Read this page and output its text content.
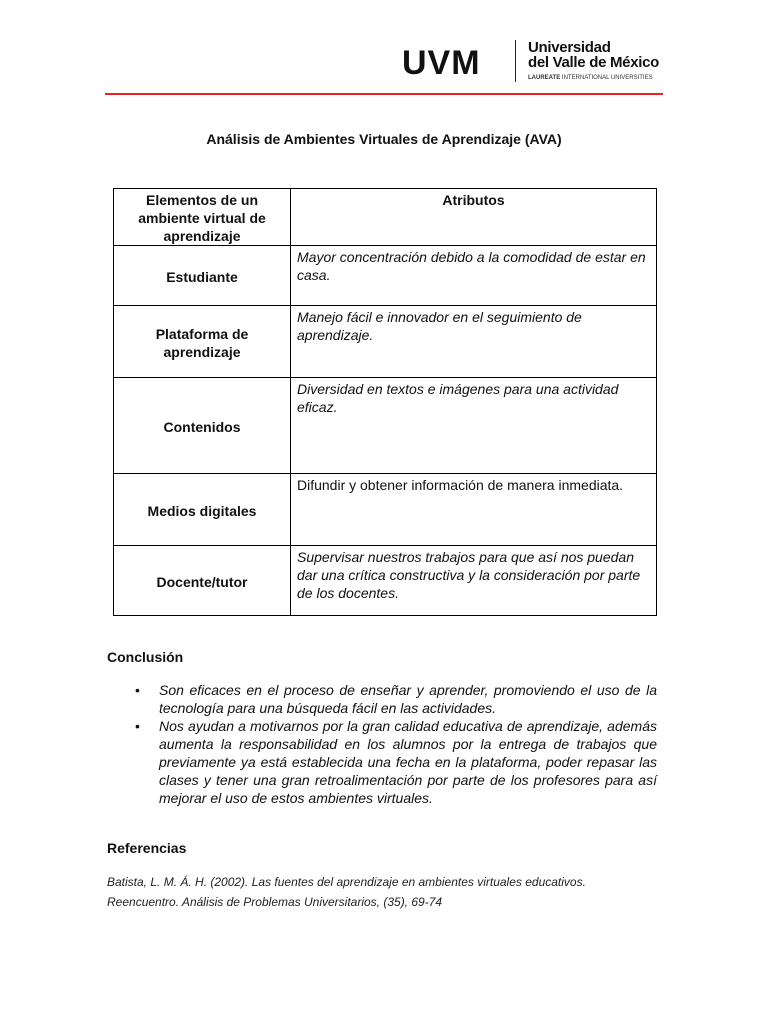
UVM	Universidad
del Valle de México
LAUREATE INTERNATIONAL UNIVERSITIES
Análisis de Ambientes Virtuales de Aprendizaje (AVA)
Elementos de un ambiente virtual de aprendizaje	Atributos
Estudiante	Mayor concentración debido a la comodidad de estar en casa.
Plataforma de aprendizaje	Manejo fácil e innovador en el seguimiento de aprendizaje.
Contenidos	Diversidad en textos e imágenes para una actividad eficaz.
Medios digitales	Difundir y obtener información de manera inmediata.
Docente/tutor	Supervisar nuestros trabajos para que así nos puedan dar una crítica constructiva y la consideración por parte de los docentes.
Conclusión
• Son eficaces en el proceso de enseñar y aprender, promoviendo el uso de la tecnología para una búsqueda fácil en las actividades.
• Nos ayudan a motivarnos por la gran calidad educativa de aprendizaje, además aumenta la responsabilidad en los alumnos por la entrega de trabajos que previamente ya está establecida una fecha en la plataforma, poder repasar las clases y tener una gran retroalimentación por parte de los profesores para así mejorar el uso de estos ambientes virtuales.
Referencias
Batista, L. M. Á. H. (2002). Las fuentes del aprendizaje en ambientes virtuales educativos. Reencuentro. Análisis de Problemas Universitarios, (35), 69-74
